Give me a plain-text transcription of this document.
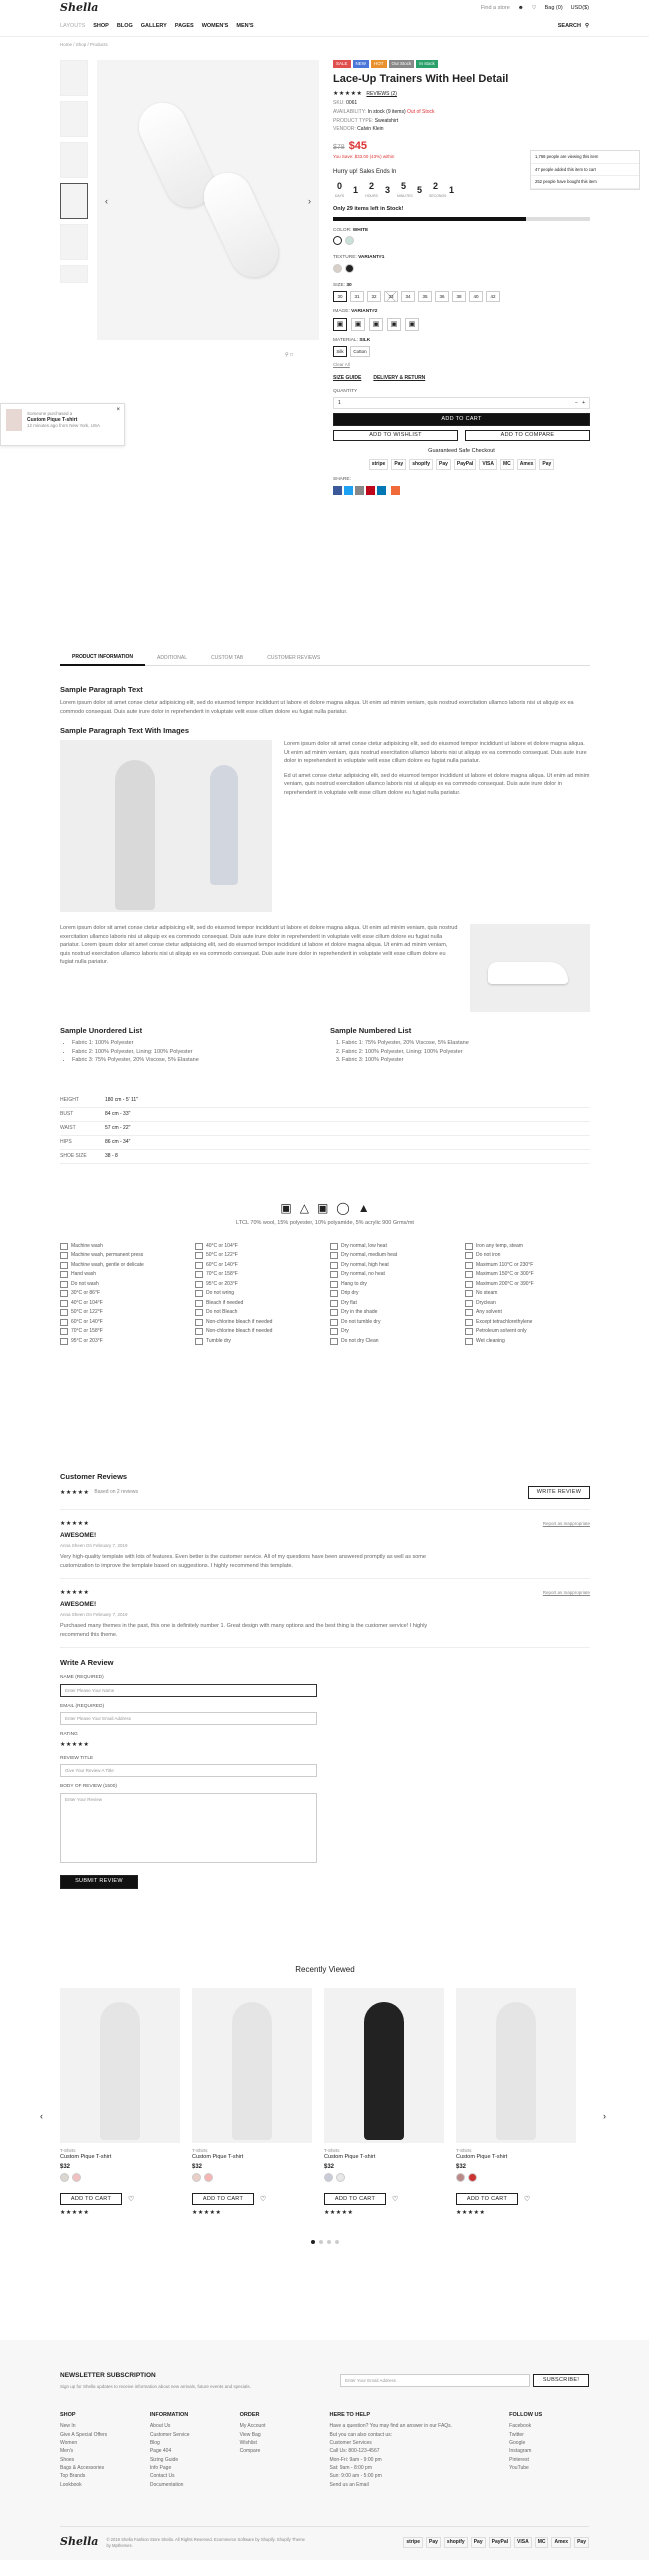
Shella	Find a store ☻ ♡ Bag (0) USD($)
LAYOUTS SHOP BLOG GALLERY PAGES WOMEN'S MEN'S	SEARCH ⚲
Home / Shop / Products
‹	›
⚲ □
SALE	NEW	HOT	Out Stock	In stock
Lace-Up Trainers With Heel Detail
★★★★★ REVIEWS (2)
SKU: 0061
AVAILABILITY: In stock (9 items) Out of Stock
PRODUCT TYPE: Sweatshirt
VENDOR: Calvin Klein
$78 $45
You Save: $33.00 (43%) within
Hurry up! Sales Ends In
0
DAYS
1	2
HOURS
3	5
MINUTES
5	2
SECONDS
1
Only 29 items left in Stock!
COLOR: WHITE
TEXTURE: VARIANT#1
SIZE: 30
30	31	32	33	34	35	36	38	40	42
IMAGE: VARIANT#2
▣ ▣ ▣ ▣ ▣
MATERIAL: SILK
Silk Cotton
Clear All
SIZE GUIDE DELIVERY & RETURN
QUANTITY
1	−   +
ADD TO CART
ADD TO WISHLIST	ADD TO COMPARE
Guaranteed Safe Checkout
stripe	Pay	shopify	Pay	PayPal	VISA	MC	Amex	Pay
SHARE:
1,768 people are viewing this item
47 people added this item to cart
252 people have bought this item
Someone purchased a
Custom Pique T-shirt
12 minutes ago from New York, USA
×
PRODUCT INFORMATION	ADDITIONAL	CUSTOM TAB	CUSTOMER REVIEWS
Sample Paragraph Text

Lorem ipsum dolor sit amet conse ctetur adipisicing elit, sed do eiusmod tempor incididunt ut labore et dolore magna aliqua. Ut enim ad minim veniam, quis nostrud exercitation ullamco laboris nisi ut aliquip ex ea commodo consequat. Duis aute irure dolor in reprehenderit in voluptate velit esse cillum dolore eu fugiat nulla pariatur.

Sample Paragraph Text With Images

Lorem ipsum dolor sit amet conse ctetur adipisicing elit, sed do eiusmod tempor incididunt ut labore et dolore magna aliqua. Ut enim ad minim veniam, quis nostrud exercitation ullamco laboris nisi ut aliquip ex ea commodo consequat. Duis aute irure dolor in reprehenderit in voluptate velit esse cillum dolore eu fugiat nulla pariatur.

Ed ut amet conse ctetur adipisicing elit, sed do eiusmod tempor incididunt ut labore et dolore magna aliqua. Ut enim ad minim veniam, quis nostrud exercitation ullamco laboris nisi ut aliquip ex ea commodo consequat. Duis aute irure dolor in reprehenderit in voluptate velit esse cillum dolore eu fugiat nulla pariatur.

Lorem ipsum dolor sit amet conse ctetur adipisicing elit, sed do eiusmod tempor incididunt ut labore et dolore magna aliqua. Ut enim ad minim veniam, quis nostrud exercitation ullamco laboris nisi ut aliquip ex ea commodo consequat. Duis aute irure dolor in reprehenderit in voluptate velit esse cillum dolore eu fugiat nulla pariatur. Lorem ipsum dolor sit amet conse ctetur adipisicing elit, sed do eiusmod tempor incididunt ut labore et dolore magna aliqua. Ut enim ad minim veniam, quis nostrud exercitation ullamco laboris nisi ut aliquip ex ea commodo consequat. Duis aute irure dolor in reprehenderit in voluptate velit esse cillum dolore eu fugiat nulla pariatur.

Sample Unordered List
• Fabric 1: 100% Polyester
• Fabric 2: 100% Polyester, Lining: 100% Polyester
• Fabric 3: 75% Polyester, 20% Viscose, 5% Elastane
Sample Numbered List
1. Fabric 1: 75% Polyester, 20% Viscose, 5% Elastane
2. Fabric 2: 100% Polyester, Lining: 100% Polyester
3. Fabric 3: 100% Polyester
HEIGHT	180 cm - 5' 11"
BUST	84 cm - 33"
WAIST	57 cm - 22"
HIPS	86 cm - 34"
SHOE SIZE	38 - 8
▣ △ ▣ ◯ ▲
LTCL 70% wool, 15% polyester, 10% polyamide, 5% acrylic 900 Grms/mt
Machine wash	40°C or 104°F	Dry normal, low heat	Iron any temp, steam
Machine wash, permanent press	50°C or 122°F	Dry normal, medium heat	Do not iron
Machine wash, gentle or delicate	60°C or 140°F	Dry normal, high heat	Maximum 110°C or 230°F
Hand wash	70°C or 158°F	Dry normal, no heat	Maximum 150°C or 300°F
Do not wash	95°C or 203°F	Hang to dry	Maximum 200°C or 390°F
30°C or 86°F	Do not wring	Drip dry	No steam
40°C or 104°F	Bleach if needed	Dry flat	Dryclean
50°C or 122°F	Do not Bleach	Dry in the shade	Any solvent
60°C or 140°F	Non-chlorine bleach if needed	Do not tumble dry	Except tetrachlorethylene
70°C or 158°F	Non-chlorine bleach if needed	Dry	Petroleum solvent only
95°C or 203°F	Tumble dry	Do not dry Clean	Wet cleaning
Customer Reviews
★★★★★ Based on 2 reviews	WRITE REVIEW
★★★★★	Report as Inappropriate
AWESOME!
Anna Sheen On February 7, 2019

Very high-quality template with lots of features. Even better is the customer service. All of my questions have been answered promptly as well as some customization to improve the template based on suggestions. I highly recommend this template.

★★★★★	Report as Inappropriate
AWESOME!
Anna Sheen On February 7, 2019

Purchased many themes in the past, this one is definitely number 1. Great design with many options and the best thing is the customer service! I highly recommend this theme.

Write A Review
NAME (REQUIRED)
Enter Please Your Name
EMAIL (REQUIRED)
Enter Please Your Email Address
RATING
★★★★★
REVIEW TITLE
Give Your Review A Title
BODY OF REVIEW (1500)
Enter Your Review
SUBMIT REVIEW
Recently Viewed
T-Shirts
Custom Pique T-shirt
$32
ADD TO CART ♡
★★★★★
T-Shirts
Custom Pique T-shirt
$32
ADD TO CART ♡
★★★★★
T-Shirts
Custom Pique T-shirt
$32
ADD TO CART ♡
★★★★★
T-Shirts
Custom Pique T-shirt
$32
ADD TO CART ♡
★★★★★
‹	›
NEWSLETTER SUBSCRIPTION
Sign up for Shella updates to receive information about new arrivals, future events and specials.
Enter Your Email Address	SUBSCRIBE!
SHOP
New In
Give A Special Offers
Women
Men's
Shoes
Bags & Accessories
Top Brands
Lookbook
INFORMATION
About Us
Customer Service
Blog
Page 404
Sizing Guide
Info Page
Contact Us
Documentation
ORDER
My Account
View Bag
Wishlist
Compare
HERE TO HELP
Have a question? You may find an answer in our FAQs.
But you can also contact us:
Customer Services
Call Us: 800-123-4567
Mon-Fri: 9am - 9:00 pm
Sat: 9am - 8:00 pm
Sun: 9:00 am - 5:00 pm
Send us an Email
FOLLOW US
Facebook
Twitter
Google
Instagram
Pinterest
YouTube
Shella © 2019 Shella Fashion Store Shella. All Rights Reserved. Ecommerce Software by Shopify. Shopify Theme by Mpthemes.	stripe	Pay	shopify	Pay	PayPal	VISA	MC	Amex	Pay
